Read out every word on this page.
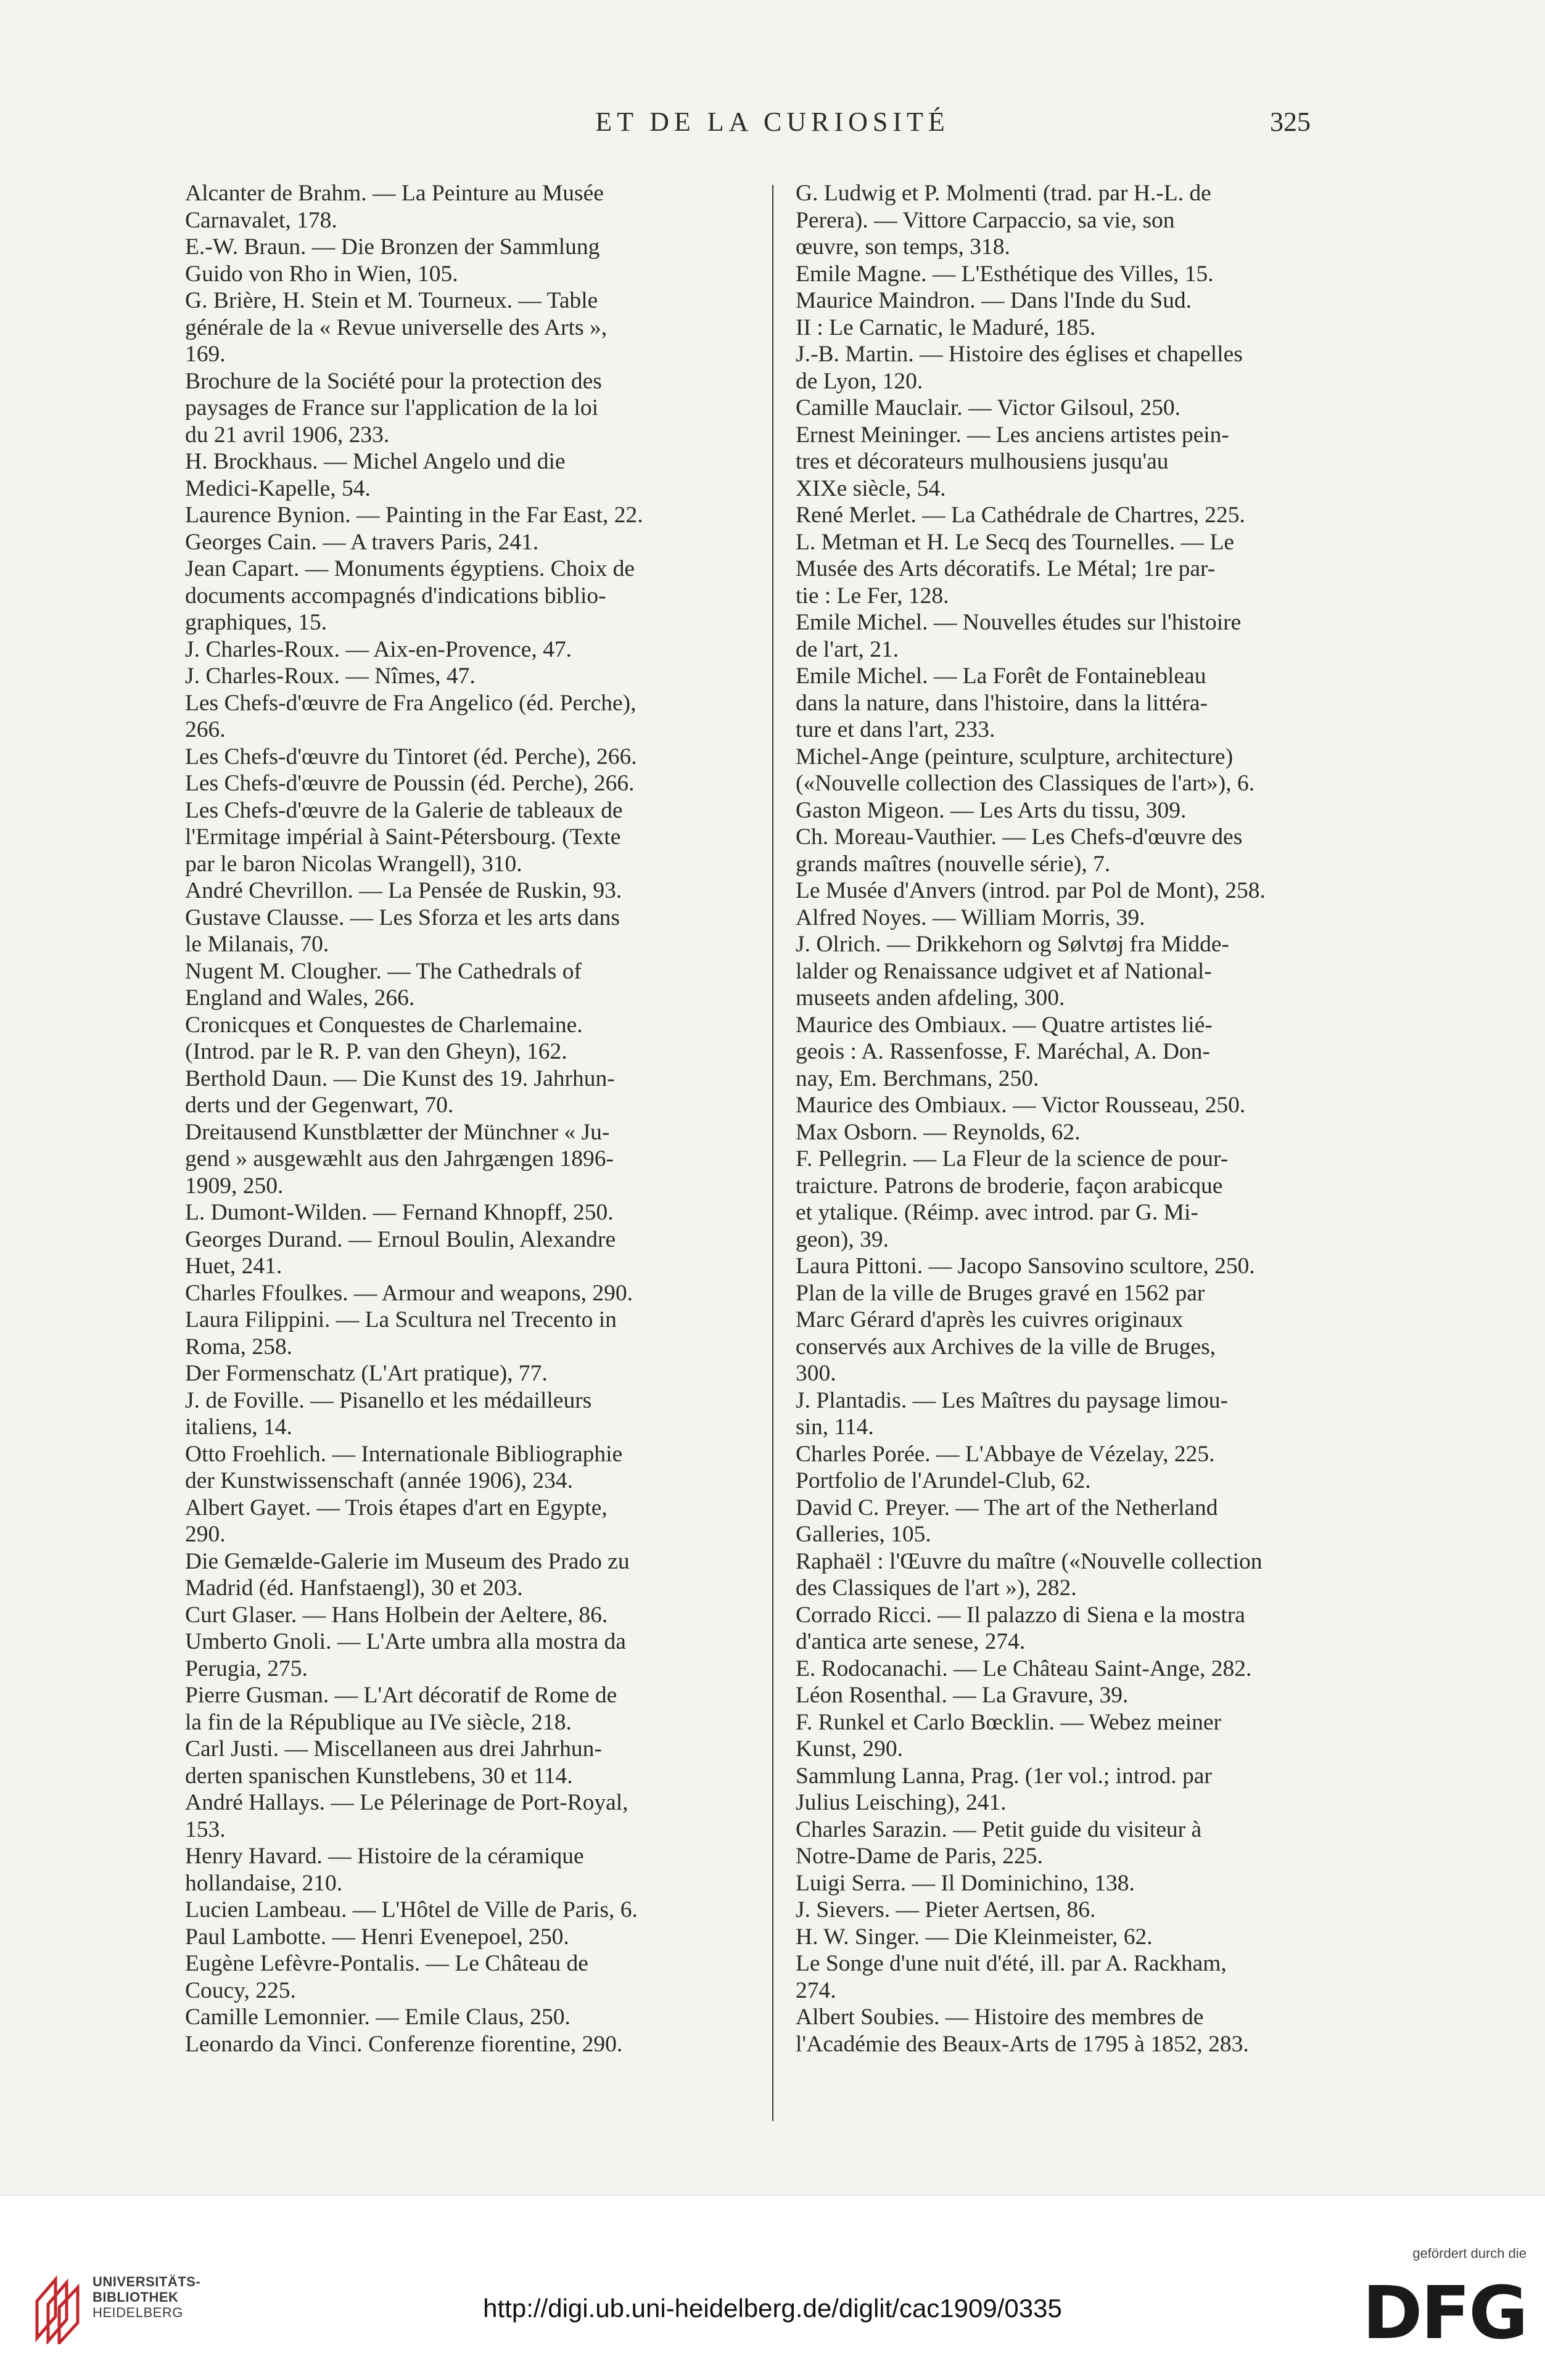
ET DE LA CURIOSITÉ	325
Alcanter de Brahm. — La Peinture au Musée
Carnavalet, 178.
E.-W. Braun. — Die Bronzen der Sammlung
Guido von Rho in Wien, 105.
G. Brière, H. Stein et M. Tourneux. — Table
générale de la « Revue universelle des Arts »,
169.
Brochure de la Société pour la protection des
paysages de France sur l'application de la loi
du 21 avril 1906, 233.
H. Brockhaus. — Michel Angelo und die
Medici-Kapelle, 54.
Laurence Bynion. — Painting in the Far East, 22.
Georges Cain. — A travers Paris, 241.
Jean Capart. — Monuments égyptiens. Choix de
documents accompagnés d'indications biblio-
graphiques, 15.
J. Charles-Roux. — Aix-en-Provence, 47.
J. Charles-Roux. — Nîmes, 47.
Les Chefs-d'œuvre de Fra Angelico (éd. Perche),
266.
Les Chefs-d'œuvre du Tintoret (éd. Perche), 266.
Les Chefs-d'œuvre de Poussin (éd. Perche), 266.
Les Chefs-d'œuvre de la Galerie de tableaux de
l'Ermitage impérial à Saint-Pétersbourg. (Texte
par le baron Nicolas Wrangell), 310.
André Chevrillon. — La Pensée de Ruskin, 93.
Gustave Clausse. — Les Sforza et les arts dans
le Milanais, 70.
Nugent M. Clougher. — The Cathedrals of
England and Wales, 266.
Cronicques et Conquestes de Charlemaine.
(Introd. par le R. P. van den Gheyn), 162.
Berthold Daun. — Die Kunst des 19. Jahrhun-
derts und der Gegenwart, 70.
Dreitausend Kunstblætter der Münchner « Ju-
gend » ausgewæhlt aus den Jahrgængen 1896-
1909, 250.
L. Dumont-Wilden. — Fernand Khnopff, 250.
Georges Durand. — Ernoul Boulin, Alexandre
Huet, 241.
Charles Ffoulkes. — Armour and weapons, 290.
Laura Filippini. — La Scultura nel Trecento in
Roma, 258.
Der Formenschatz (L'Art pratique), 77.
J. de Foville. — Pisanello et les médailleurs
italiens, 14.
Otto Froehlich. — Internationale Bibliographie
der Kunstwissenschaft (année 1906), 234.
Albert Gayet. — Trois étapes d'art en Egypte,
290.
Die Gemælde-Galerie im Museum des Prado zu
Madrid (éd. Hanfstaengl), 30 et 203.
Curt Glaser. — Hans Holbein der Aeltere, 86.
Umberto Gnoli. — L'Arte umbra alla mostra da
Perugia, 275.
Pierre Gusman. — L'Art décoratif de Rome de
la fin de la République au IVe siècle, 218.
Carl Justi. — Miscellaneen aus drei Jahrhun-
derten spanischen Kunstlebens, 30 et 114.
André Hallays. — Le Pélerinage de Port-Royal,
153.
Henry Havard. — Histoire de la céramique
hollandaise, 210.
Lucien Lambeau. — L'Hôtel de Ville de Paris, 6.
Paul Lambotte. — Henri Evenepoel, 250.
Eugène Lefèvre-Pontalis. — Le Château de
Coucy, 225.
Camille Lemonnier. — Emile Claus, 250.
Leonardo da Vinci. Conferenze fiorentine, 290.
G. Ludwig et P. Molmenti (trad. par H.-L. de
Perera). — Vittore Carpaccio, sa vie, son
œuvre, son temps, 318.
Emile Magne. — L'Esthétique des Villes, 15.
Maurice Maindron. — Dans l'Inde du Sud.
II : Le Carnatic, le Maduré, 185.
J.-B. Martin. — Histoire des églises et chapelles
de Lyon, 120.
Camille Mauclair. — Victor Gilsoul, 250.
Ernest Meininger. — Les anciens artistes pein-
tres et décorateurs mulhousiens jusqu'au
XIXe siècle, 54.
René Merlet. — La Cathédrale de Chartres, 225.
L. Metman et H. Le Secq des Tournelles. — Le
Musée des Arts décoratifs. Le Métal; 1re par-
tie : Le Fer, 128.
Emile Michel. — Nouvelles études sur l'histoire
de l'art, 21.
Emile Michel. — La Forêt de Fontainebleau
dans la nature, dans l'histoire, dans la littéra-
ture et dans l'art, 233.
Michel-Ange (peinture, sculpture, architecture)
(«Nouvelle collection des Classiques de l'art»), 6.
Gaston Migeon. — Les Arts du tissu, 309.
Ch. Moreau-Vauthier. — Les Chefs-d'œuvre des
grands maîtres (nouvelle série), 7.
Le Musée d'Anvers (introd. par Pol de Mont), 258.
Alfred Noyes. — William Morris, 39.
J. Olrich. — Drikkehorn og Sølvtøj fra Midde-
lalder og Renaissance udgivet et af National-
museets anden afdeling, 300.
Maurice des Ombiaux. — Quatre artistes lié-
geois : A. Rassenfosse, F. Maréchal, A. Don-
nay, Em. Berchmans, 250.
Maurice des Ombiaux. — Victor Rousseau, 250.
Max Osborn. — Reynolds, 62.
F. Pellegrin. — La Fleur de la science de pour-
traicture. Patrons de broderie, façon arabicque
et ytalique. (Réimp. avec introd. par G. Mi-
geon), 39.
Laura Pittoni. — Jacopo Sansovino scultore, 250.
Plan de la ville de Bruges gravé en 1562 par
Marc Gérard d'après les cuivres originaux
conservés aux Archives de la ville de Bruges,
300.
J. Plantadis. — Les Maîtres du paysage limou-
sin, 114.
Charles Porée. — L'Abbaye de Vézelay, 225.
Portfolio de l'Arundel-Club, 62.
David C. Preyer. — The art of the Netherland
Galleries, 105.
Raphaël : l'Œuvre du maître («Nouvelle collection
des Classiques de l'art »), 282.
Corrado Ricci. — Il palazzo di Siena e la mostra
d'antica arte senese, 274.
E. Rodocanachi. — Le Château Saint-Ange, 282.
Léon Rosenthal. — La Gravure, 39.
F. Runkel et Carlo Bœcklin. — Webez meiner
Kunst, 290.
Sammlung Lanna, Prag. (1er vol.; introd. par
Julius Leisching), 241.
Charles Sarazin. — Petit guide du visiteur à
Notre-Dame de Paris, 225.
Luigi Serra. — Il Dominichino, 138.
J. Sievers. — Pieter Aertsen, 86.
H. W. Singer. — Die Kleinmeister, 62.
Le Songe d'une nuit d'été, ill. par A. Rackham,
274.
Albert Soubies. — Histoire des membres de
l'Académie des Beaux-Arts de 1795 à 1852, 283.
UNIVERSITÄTS-
BIBLIOTHEK
HEIDELBERG	http://digi.ub.uni-heidelberg.de/diglit/cac1909/0335
gefördert durch die
DFG
